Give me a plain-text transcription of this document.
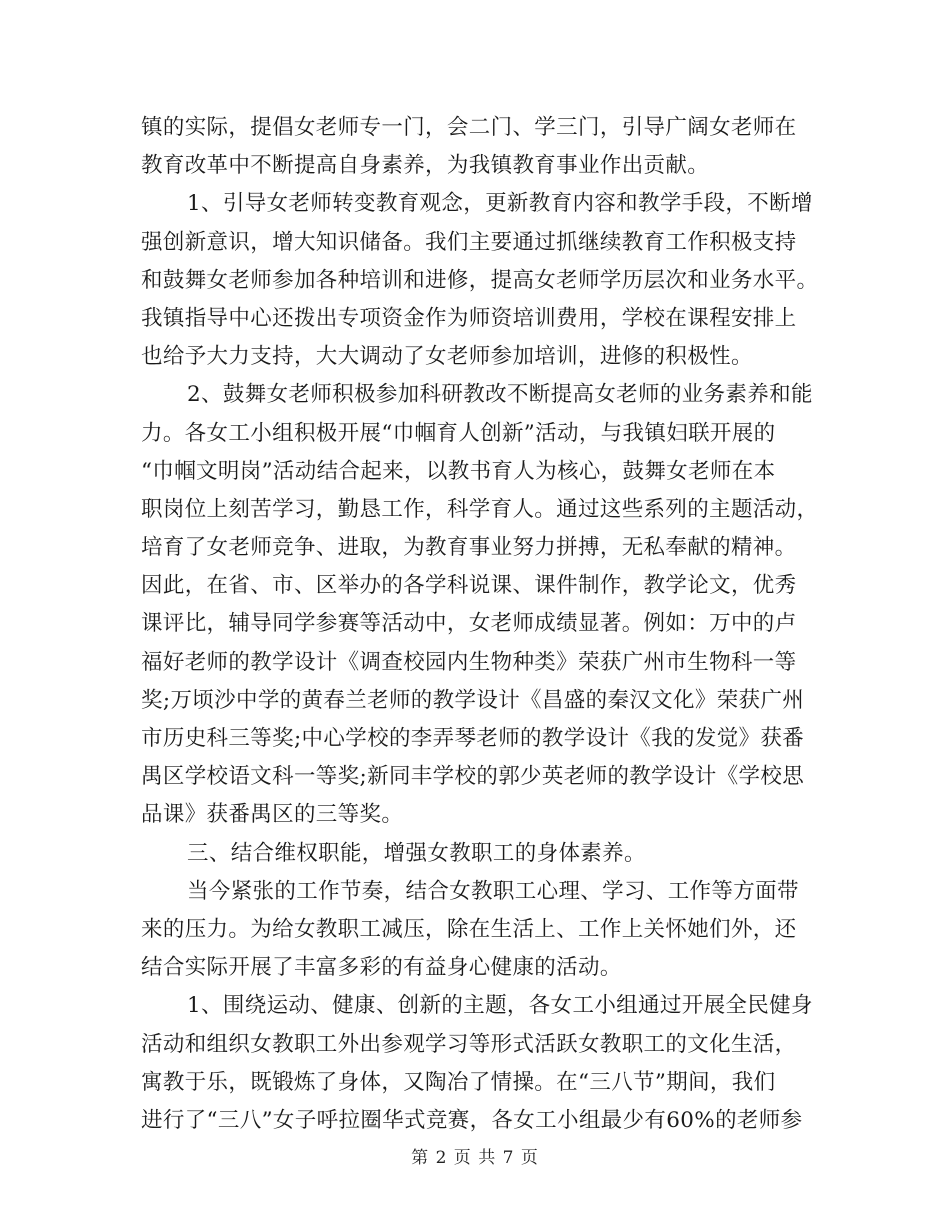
镇的实际，提倡女老师专一门，会二门、学三门，引导广阔女老师在
教育改革中不断提高自身素养，为我镇教育事业作出贡献。
1、引导女老师转变教育观念，更新教育内容和教学手段，不断增
强创新意识，增大知识储备。我们主要通过抓继续教育工作积极支持
和鼓舞女老师参加各种培训和进修，提高女老师学历层次和业务水平。
我镇指导中心还拨出专项资金作为师资培训费用，学校在课程安排上
也给予大力支持，大大调动了女老师参加培训，进修的积极性。
2、鼓舞女老师积极参加科研教改不断提高女老师的业务素养和能
力。各女工小组积极开展“巾帼育人创新”活动，与我镇妇联开展的
“巾帼文明岗”活动结合起来，以教书育人为核心，鼓舞女老师在本
职岗位上刻苦学习，勤恳工作，科学育人。通过这些系列的主题活动，
培育了女老师竞争、进取，为教育事业努力拼搏，无私奉献的精神。
因此，在省、市、区举办的各学科说课、课件制作，教学论文，优秀
课评比，辅导同学参赛等活动中，女老师成绩显著。例如：万中的卢
福好老师的教学设计《调查校园内生物种类》荣获广州市生物科一等
奖;万顷沙中学的黄春兰老师的教学设计《昌盛的秦汉文化》荣获广州
市历史科三等奖;中心学校的李弄琴老师的教学设计《我的发觉》获番
禺区学校语文科一等奖;新同丰学校的郭少英老师的教学设计《学校思
品课》获番禺区的三等奖。
三、结合维权职能，增强女教职工的身体素养。
当今紧张的工作节奏，结合女教职工心理、学习、工作等方面带
来的压力。为给女教职工减压，除在生活上、工作上关怀她们外，还
结合实际开展了丰富多彩的有益身心健康的活动。
1、围绕运动、健康、创新的主题，各女工小组通过开展全民健身
活动和组织女教职工外出参观学习等形式活跃女教职工的文化生活，
寓教于乐，既锻炼了身体，又陶冶了情操。在“三八节”期间，我们
进行了“三八”女子呼拉圈华式竞赛，各女工小组最少有60%的老师参
第 2 页 共 7 页
